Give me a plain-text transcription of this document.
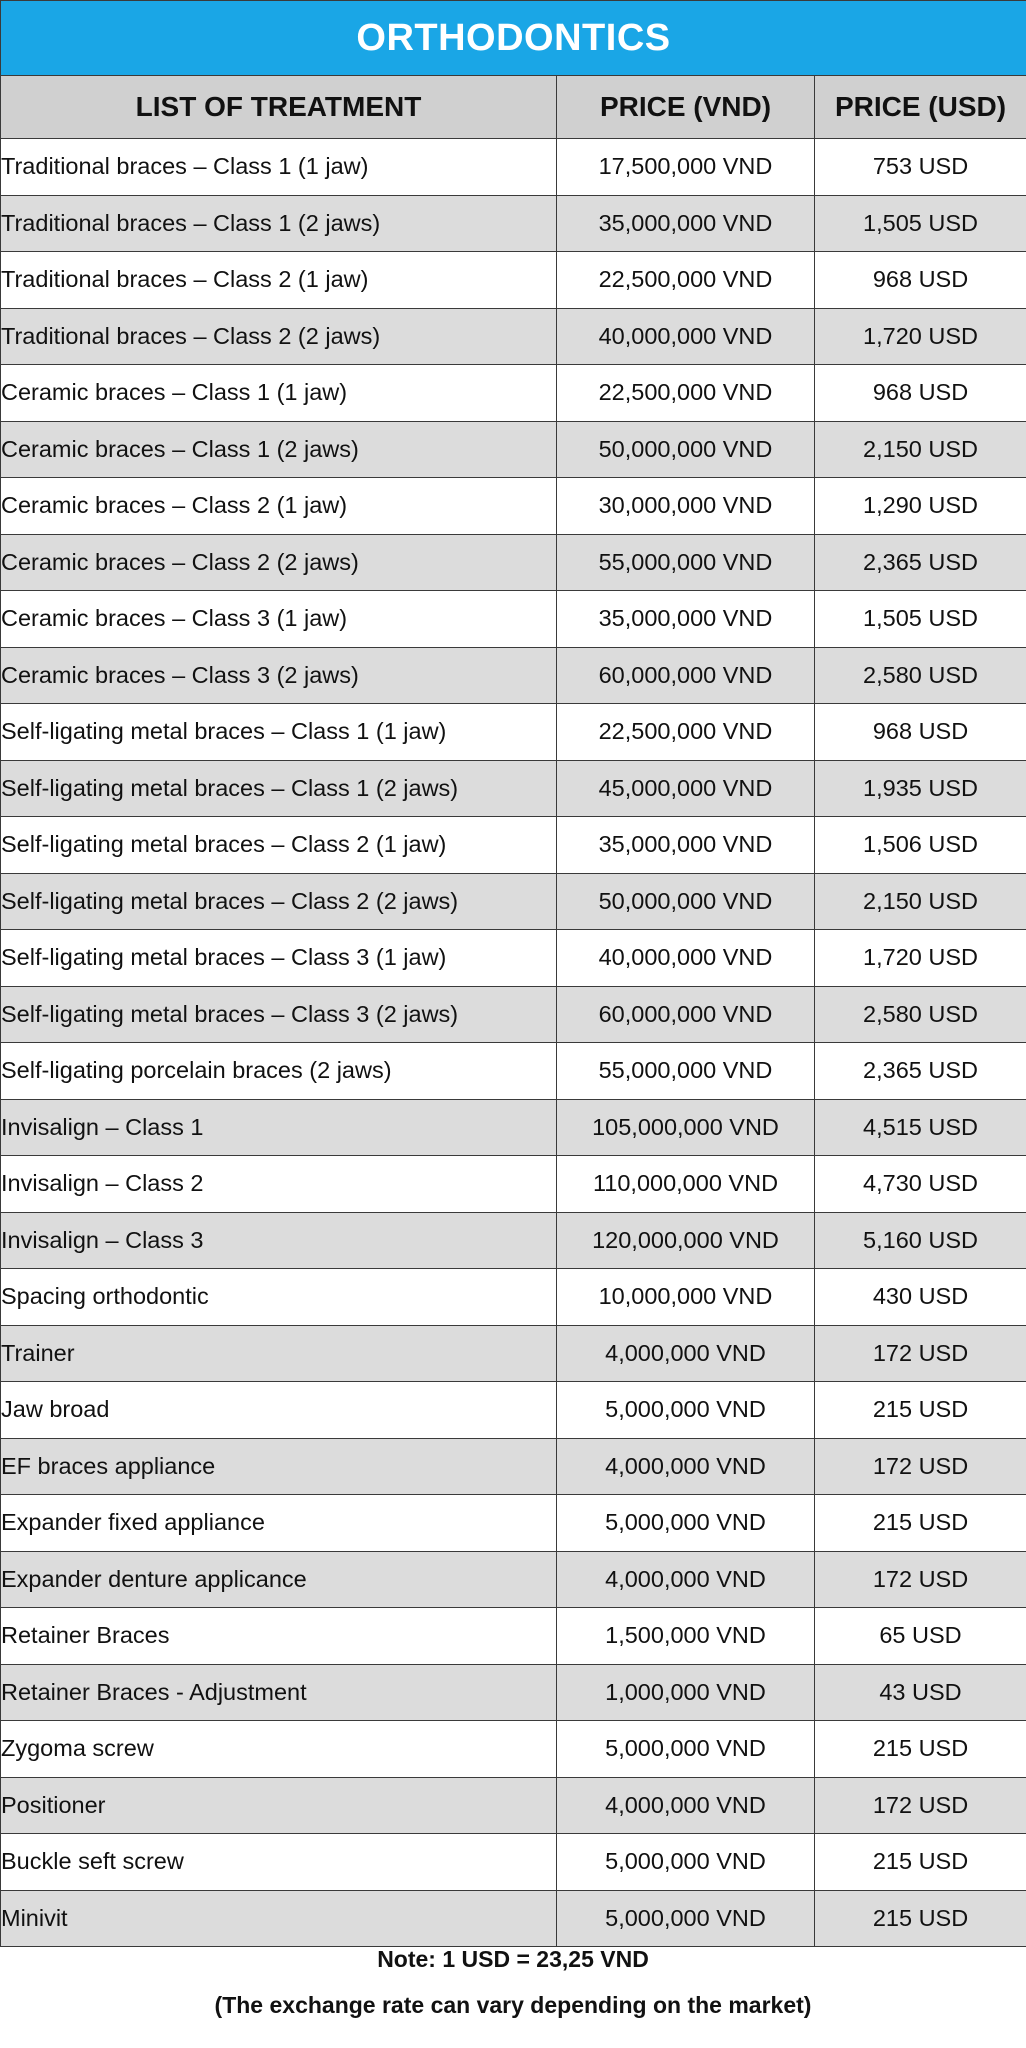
ORTHODONTICS		
LIST OF TREATMENT	PRICE (VND)	PRICE (USD)
Traditional braces – Class 1 (1 jaw)	17,500,000 VND	753 USD
Traditional braces – Class 1 (2 jaws)	35,000,000 VND	1,505 USD
Traditional braces – Class 2 (1 jaw)	22,500,000 VND	968 USD
Traditional braces – Class 2 (2 jaws)	40,000,000 VND	1,720 USD
Ceramic braces – Class 1 (1 jaw)	22,500,000 VND	968 USD
Ceramic braces – Class 1 (2 jaws)	50,000,000 VND	2,150 USD
Ceramic braces – Class 2 (1 jaw)	30,000,000 VND	1,290 USD
Ceramic braces – Class 2 (2 jaws)	55,000,000 VND	2,365 USD
Ceramic braces – Class 3 (1 jaw)	35,000,000 VND	1,505 USD
Ceramic braces – Class 3 (2 jaws)	60,000,000 VND	2,580 USD
Self-ligating metal braces – Class 1 (1 jaw)	22,500,000 VND	968 USD
Self-ligating metal braces – Class 1 (2 jaws)	45,000,000 VND	1,935 USD
Self-ligating metal braces – Class 2 (1 jaw)	35,000,000 VND	1,506 USD
Self-ligating metal braces – Class 2 (2 jaws)	50,000,000 VND	2,150 USD
Self-ligating metal braces – Class 3 (1 jaw)	40,000,000 VND	1,720 USD
Self-ligating metal braces – Class 3 (2 jaws)	60,000,000 VND	2,580 USD
Self-ligating porcelain braces (2 jaws)	55,000,000 VND	2,365 USD
Invisalign – Class 1	105,000,000 VND	4,515 USD
Invisalign – Class 2	110,000,000 VND	4,730 USD
Invisalign – Class 3	120,000,000 VND	5,160 USD
Spacing orthodontic	10,000,000 VND	430 USD
Trainer	4,000,000 VND	172 USD
Jaw broad	5,000,000 VND	215 USD
EF braces appliance	4,000,000 VND	172 USD
Expander fixed appliance	5,000,000 VND	215 USD
Expander denture applicance	4,000,000 VND	172 USD
Retainer Braces	1,500,000 VND	65 USD
Retainer Braces - Adjustment	1,000,000 VND	43 USD
Zygoma screw	5,000,000 VND	215 USD
Positioner	4,000,000 VND	172 USD
Buckle seft screw	5,000,000 VND	215 USD
Minivit	5,000,000 VND	215 USD
Note: 1 USD = 23,25 VND
(The exchange rate can vary depending on the market)
